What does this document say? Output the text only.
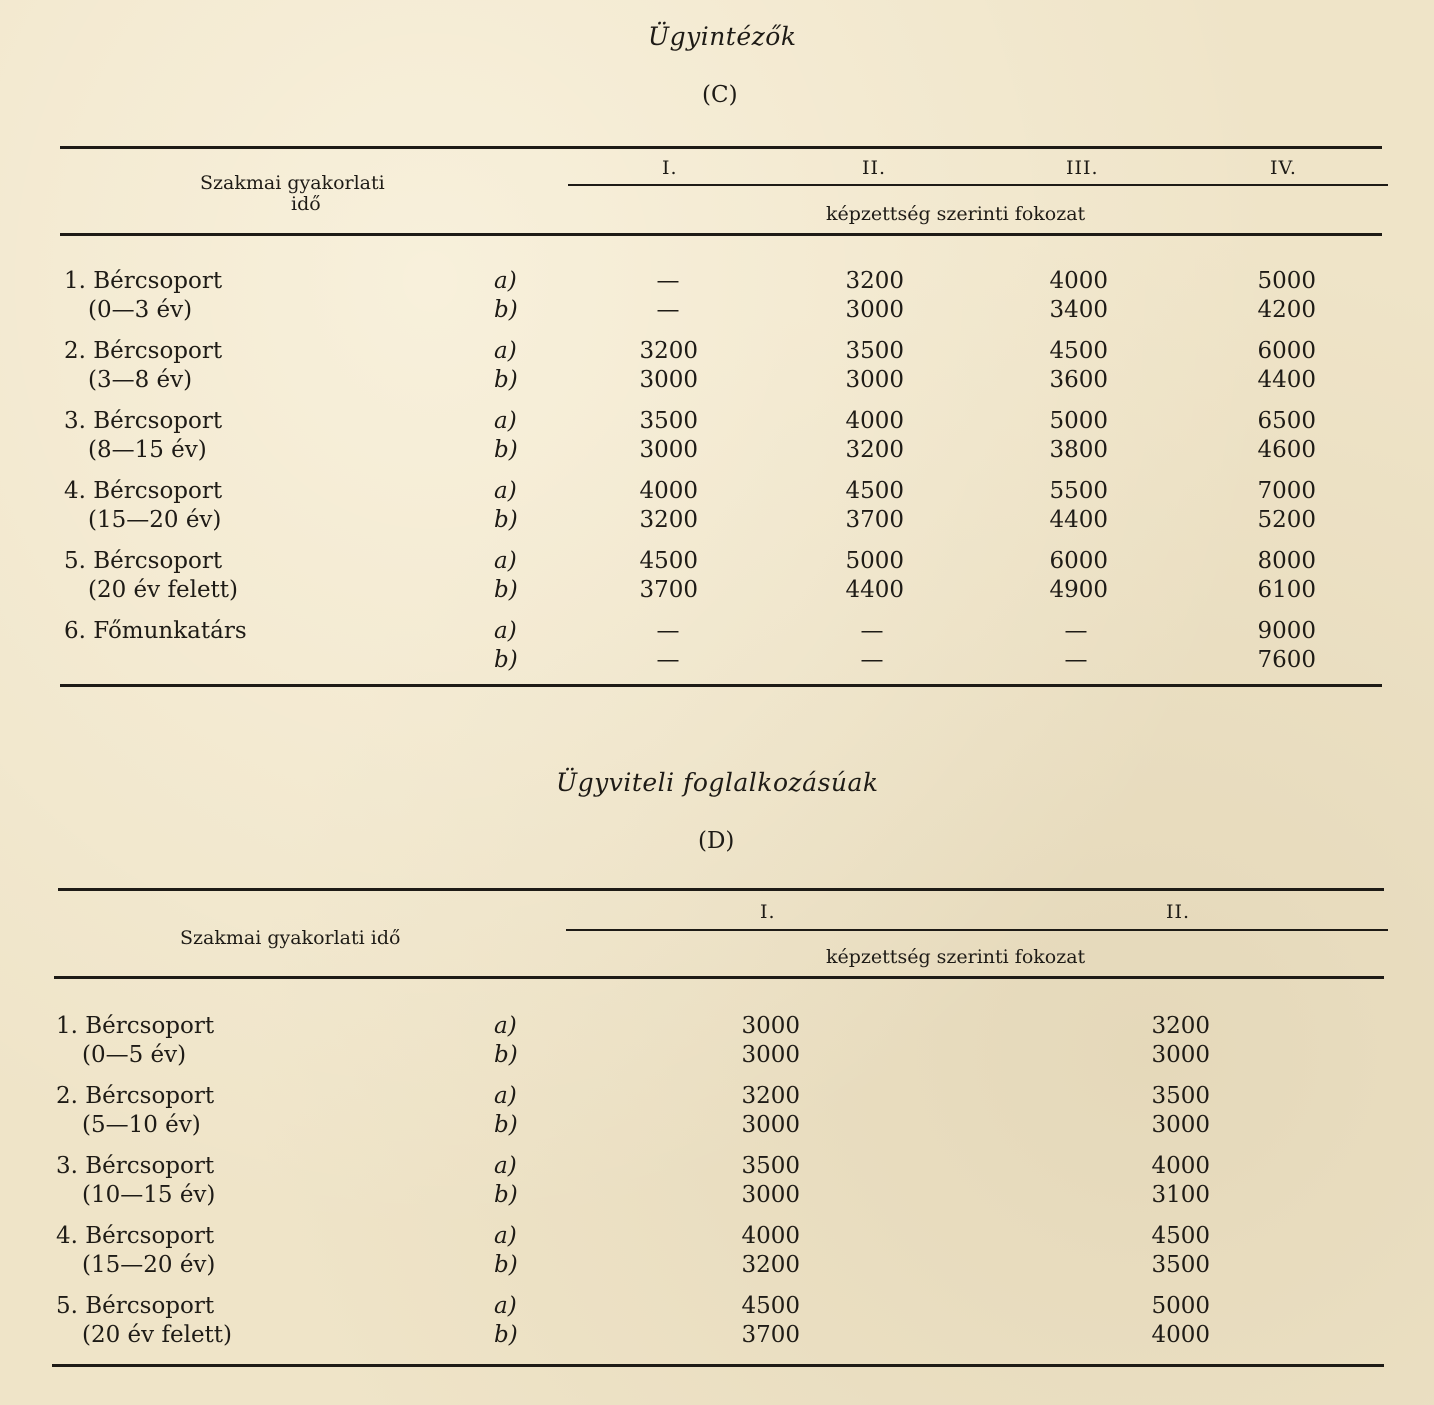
Ügyintézők
(C)
Szakmai gyakorlati
idő
I.	II.	III.	IV.
képzettség szerinti fokozat
1. Bércsoport
(0—3 év)
a)	—	3200	4000	5000
b)	—	3000	3400	4200
2. Bércsoport
(3—8 év)
a)	3200	3500	4500	6000
b)	3000	3000	3600	4400
3. Bércsoport
(8—15 év)
a)	3500	4000	5000	6500
b)	3000	3200	3800	4600
4. Bércsoport
(15—20 év)
a)	4000	4500	5500	7000
b)	3200	3700	4400	5200
5. Bércsoport
(20 év felett)
a)	4500	5000	6000	8000
b)	3700	4400	4900	6100
6. Főmunkatárs	a)	—	—	—	9000
b)	—	—	—	7600
Ügyviteli foglalkozásúak
(D)
I.	II.
Szakmai gyakorlati idő
képzettség szerinti fokozat
1. Bércsoport
(0—5 év)
a)	3000	3200
b)	3000	3000
2. Bércsoport
(5—10 év)
a)	3200	3500
b)	3000	3000
3. Bércsoport
(10—15 év)
a)	3500	4000
b)	3000	3100
4. Bércsoport
(15—20 év)
a)	4000	4500
b)	3200	3500
5. Bércsoport
(20 év felett)
a)	4500	5000
b)	3700	4000
